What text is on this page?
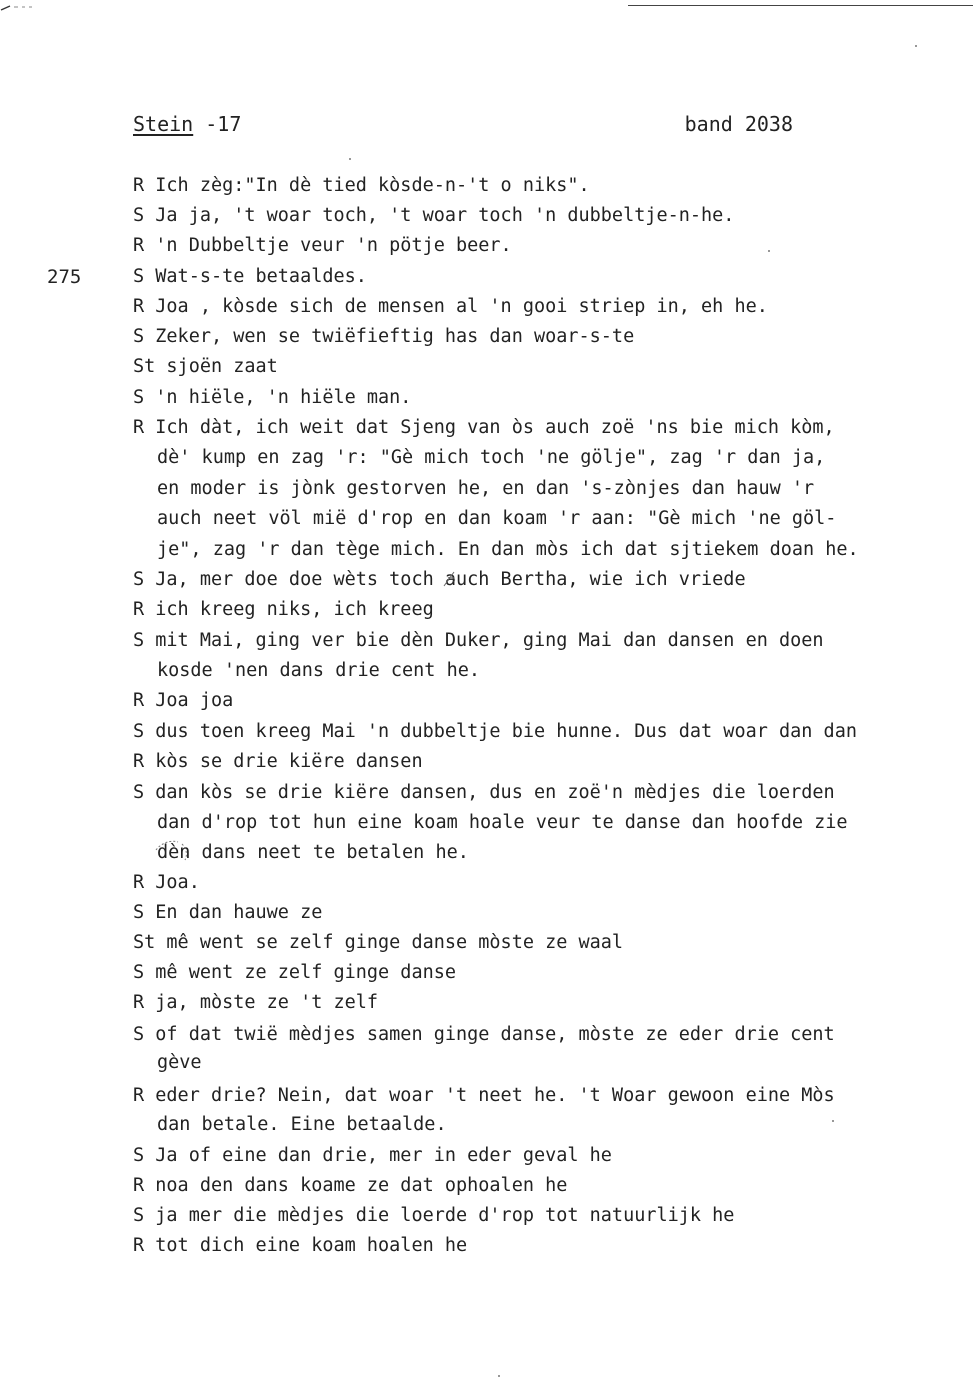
Stein -17	band 2038
275
R Ich zèg:"In dè tied kòsde-n-'t o niks".
S Ja ja, 't woar toch, 't woar toch 'n dubbeltje-n-he.
R 'n Dubbeltje veur 'n pötje beer.
S Wat-s-te betaaldes.
R Joa , kòsde sich de mensen al 'n gooi striep in, eh he.
S Zeker, wen se twiëfieftig has dan woar-s-te
St sjoën zaat
S 'n hiële, 'n hiële man.
R Ich dàt, ich weit dat Sjeng van òs auch zoë 'ns bie mich kòm,
dè' kump en zag 'r: "Gè mich toch 'ne gölje", zag 'r dan ja,
en moder is jònk gestorven he, en dan 's-zònjes dan hauw 'r
auch neet völ mië d'rop en dan koam 'r aan: "Gè mich 'ne göl-
je", zag 'r dan tège mich. En dan mòs ich dat sjtiekem doan he.
S Ja, mer doe doe wèts toch auch Bertha, wie ich vriede
R ich kreeg niks, ich kreeg
S mit Mai, ging ver bie dèn Duker, ging Mai dan dansen en doen
kosde 'nen dans drie cent he.
R Joa joa
S dus toen kreeg Mai 'n dubbeltje bie hunne. Dus dat woar dan dan
R kòs se drie kiëre dansen
S dan kòs se drie kiëre dansen, dus en zoë'n mèdjes die loerden
dan d'rop tot hun eine koam hoale veur te danse dan hoofde zie
dèn dans neet te betalen he.
R Joa.
S En dan hauwe ze
St mê went se zelf ginge danse mòste ze waal
S mê went ze zelf ginge danse
R ja, mòste ze 't zelf
S of dat twië mèdjes samen ginge danse, mòste ze eder drie cent
gève
R eder drie? Nein, dat woar 't neet he. 't Woar gewoon eine Mòs
dan betale. Eine betaalde.
S Ja of eine dan drie, mer in eder geval he
R noa den dans koame ze dat ophoalen he
S ja mer die mèdjes die loerde d'rop tot natuurlijk he
R tot dich eine koam hoalen he
